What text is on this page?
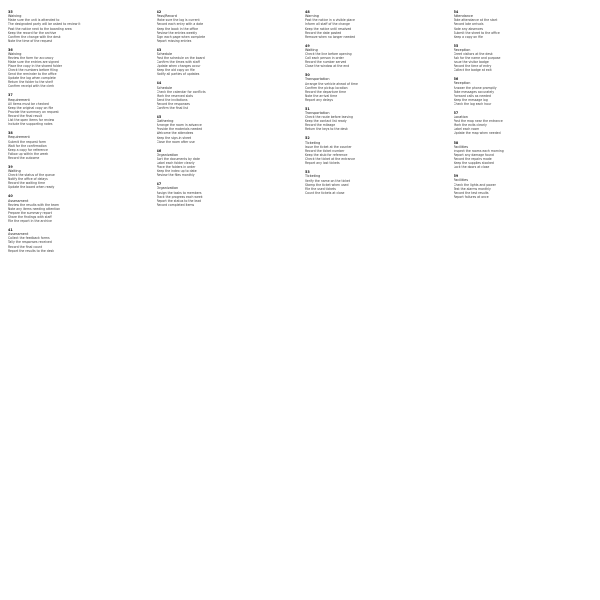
35
Waiving
Make sure the unit is attended to
The designated party will be asked to review it
Post the notice next to the boarding area
Keep the record for the archive
Confirm the change with the desk
Note the time of the request
36
Waiving
Review the form for accuracy
Make sure the entries are signed
Place the copy in the shared folder
Check the numbers before filing
Send the reminder to the office
Update the log when complete
Return the folder to the shelf
Confirm receipt with the clerk
37
Requirement
All items must be checked
Keep the original copy on file
Provide the summary on request
Record the final result
List the open items for review
Include the supporting notes
38
Requirement
Submit the request form
Wait for the confirmation
Keep a copy for reference
Follow up within the week
Record the outcome
39
Waiting
Check the status of the queue
Notify the office of delays
Record the waiting time
Update the board when ready
40
Assessment
Review the results with the team
Note any items needing attention
Prepare the summary report
Share the findings with staff
File the report in the archive
41
Assessment
Collect the feedback forms
Tally the responses received
Record the final count
Report the results to the desk
42
Pass/Record
Make sure the log is current
Record each entry with a date
Keep the book in the office
Review the entries weekly
Sign each page when complete
Report missing entries
43
Schedule
Post the schedule on the board
Confirm the times with staff
Update when changes occur
Keep the old copy on file
Notify all parties of updates
44
Schedule
Check the calendar for conflicts
Mark the reserved slots
Send the invitations
Record the responses
Confirm the final list
45
Gathering
Arrange the room in advance
Provide the materials needed
Welcome the attendees
Keep the sign-in sheet
Close the room after use
46
Organization
Sort the documents by date
Label each folder clearly
Place the folders in order
Keep the index up to date
Review the files monthly
47
Organization
Assign the tasks to members
Track the progress each week
Report the status to the lead
Record completed items
48
Warning
Post the notice in a visible place
Inform all staff of the change
Keep the notice until resolved
Record the date posted
Remove when no longer needed
49
Waiting
Check the line before opening
Call each person in order
Record the number served
Close the window at the end
50
Transportation
Arrange the vehicle ahead of time
Confirm the pickup location
Record the departure time
Note the arrival time
Report any delays
51
Transportation
Check the route before leaving
Keep the contact list ready
Record the mileage
Return the keys to the desk
52
Ticketing
Issue the ticket at the counter
Record the ticket number
Keep the stub for reference
Check the ticket at the entrance
Report any lost tickets
53
Ticketing
Verify the name on the ticket
Stamp the ticket when used
File the used tickets
Count the tickets at close
54
Attendance
Take attendance at the start
Record late arrivals
Note any absences
Submit the sheet to the office
Keep a copy on file
55
Reception
Greet visitors at the desk
Ask for the name and purpose
Issue the visitor badge
Record the time of entry
Collect the badge at exit
56
Reception
Answer the phone promptly
Take messages accurately
Forward calls as needed
Keep the message log
Check the log each hour
57
Location
Post the map near the entrance
Mark the exits clearly
Label each room
Update the map when needed
58
Facilities
Inspect the rooms each morning
Report any damage found
Record the repairs made
Keep the supplies stocked
Lock the doors at close
59
Facilities
Check the lights and power
Test the alarms monthly
Record the test results
Report failures at once
